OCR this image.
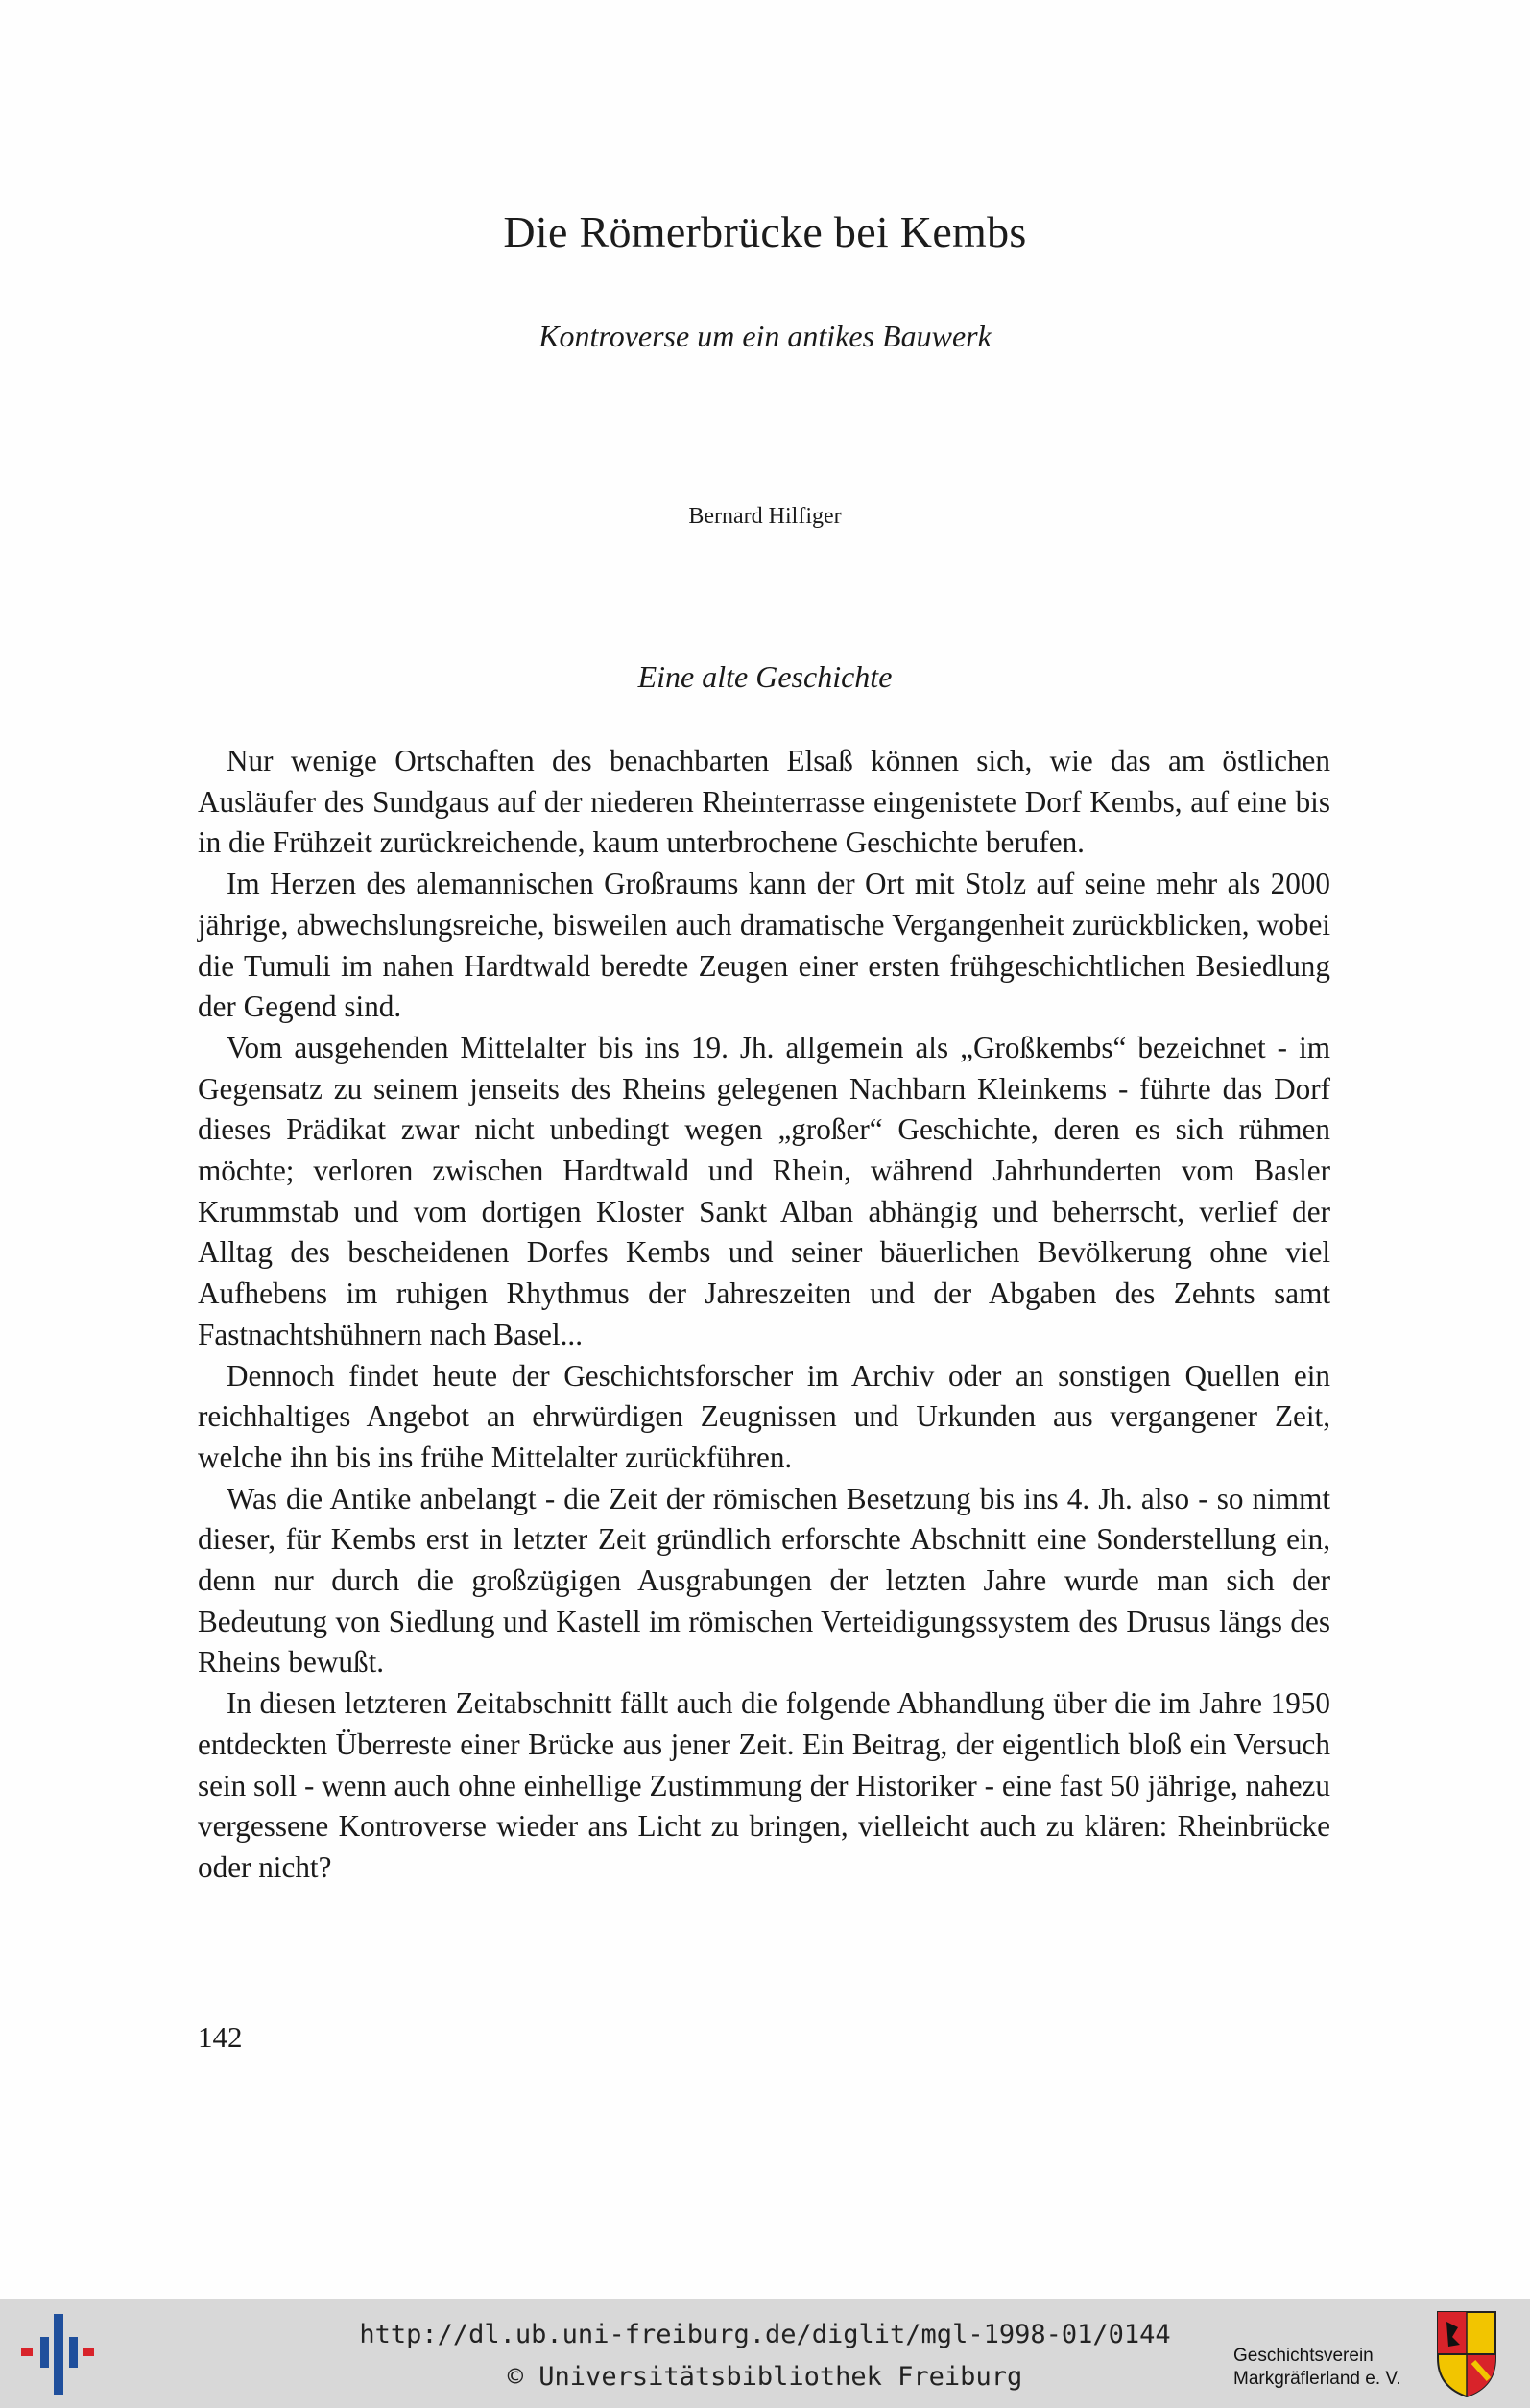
Die Römerbrücke bei Kembs
Kontroverse um ein antikes Bauwerk
Bernard Hilfiger
Eine alte Geschichte

Nur wenige Ortschaften des benachbarten Elsaß können sich, wie das am östlichen Ausläufer des Sundgaus auf der niederen Rheinterrasse eingenistete Dorf Kembs, auf eine bis in die Frühzeit zurückreichende, kaum unterbrochene Geschichte berufen.

Im Herzen des alemannischen Großraums kann der Ort mit Stolz auf seine mehr als 2000 jährige, abwechslungsreiche, bisweilen auch dramatische Vergangenheit zurückblicken, wobei die Tumuli im nahen Hardtwald beredte Zeugen einer ersten frühgeschichtlichen Besiedlung der Gegend sind.

Vom ausgehenden Mittelalter bis ins 19. Jh. allgemein als „Großkembs“ bezeichnet - im Gegensatz zu seinem jenseits des Rheins gelegenen Nachbarn Kleinkems - führte das Dorf dieses Prädikat zwar nicht unbedingt wegen „großer“ Geschichte, deren es sich rühmen möchte; verloren zwischen Hardtwald und Rhein, während Jahrhunderten vom Basler Krummstab und vom dortigen Kloster Sankt Alban abhängig und beherrscht, verlief der Alltag des bescheidenen Dorfes Kembs und seiner bäuerlichen Bevölkerung ohne viel Aufhebens im ruhigen Rhythmus der Jahreszeiten und der Abgaben des Zehnts samt Fastnachtshühnern nach Basel...

Dennoch findet heute der Geschichtsforscher im Archiv oder an sonstigen Quellen ein reichhaltiges Angebot an ehrwürdigen Zeugnissen und Urkunden aus vergangener Zeit, welche ihn bis ins frühe Mittelalter zurückführen.

Was die Antike anbelangt - die Zeit der römischen Besetzung bis ins 4. Jh. also - so nimmt dieser, für Kembs erst in letzter Zeit gründlich erforschte Abschnitt eine Sonderstellung ein, denn nur durch die großzügigen Ausgrabungen der letzten Jahre wurde man sich der Bedeutung von Siedlung und Kastell im römischen Verteidigungssystem des Drusus längs des Rheins bewußt.

In diesen letzteren Zeitabschnitt fällt auch die folgende Abhandlung über die im Jahre 1950 entdeckten Überreste einer Brücke aus jener Zeit. Ein Beitrag, der eigentlich bloß ein Versuch sein soll - wenn auch ohne einhellige Zustimmung der Historiker - eine fast 50 jährige, nahezu vergessene Kontroverse wieder ans Licht zu bringen, vielleicht auch zu klären: Rheinbrücke oder nicht?

142
http://dl.ub.uni-freiburg.de/diglit/mgl-1998-01/0144
© Universitätsbibliothek Freiburg
Geschichtsverein
Markgräflerland e. V.
